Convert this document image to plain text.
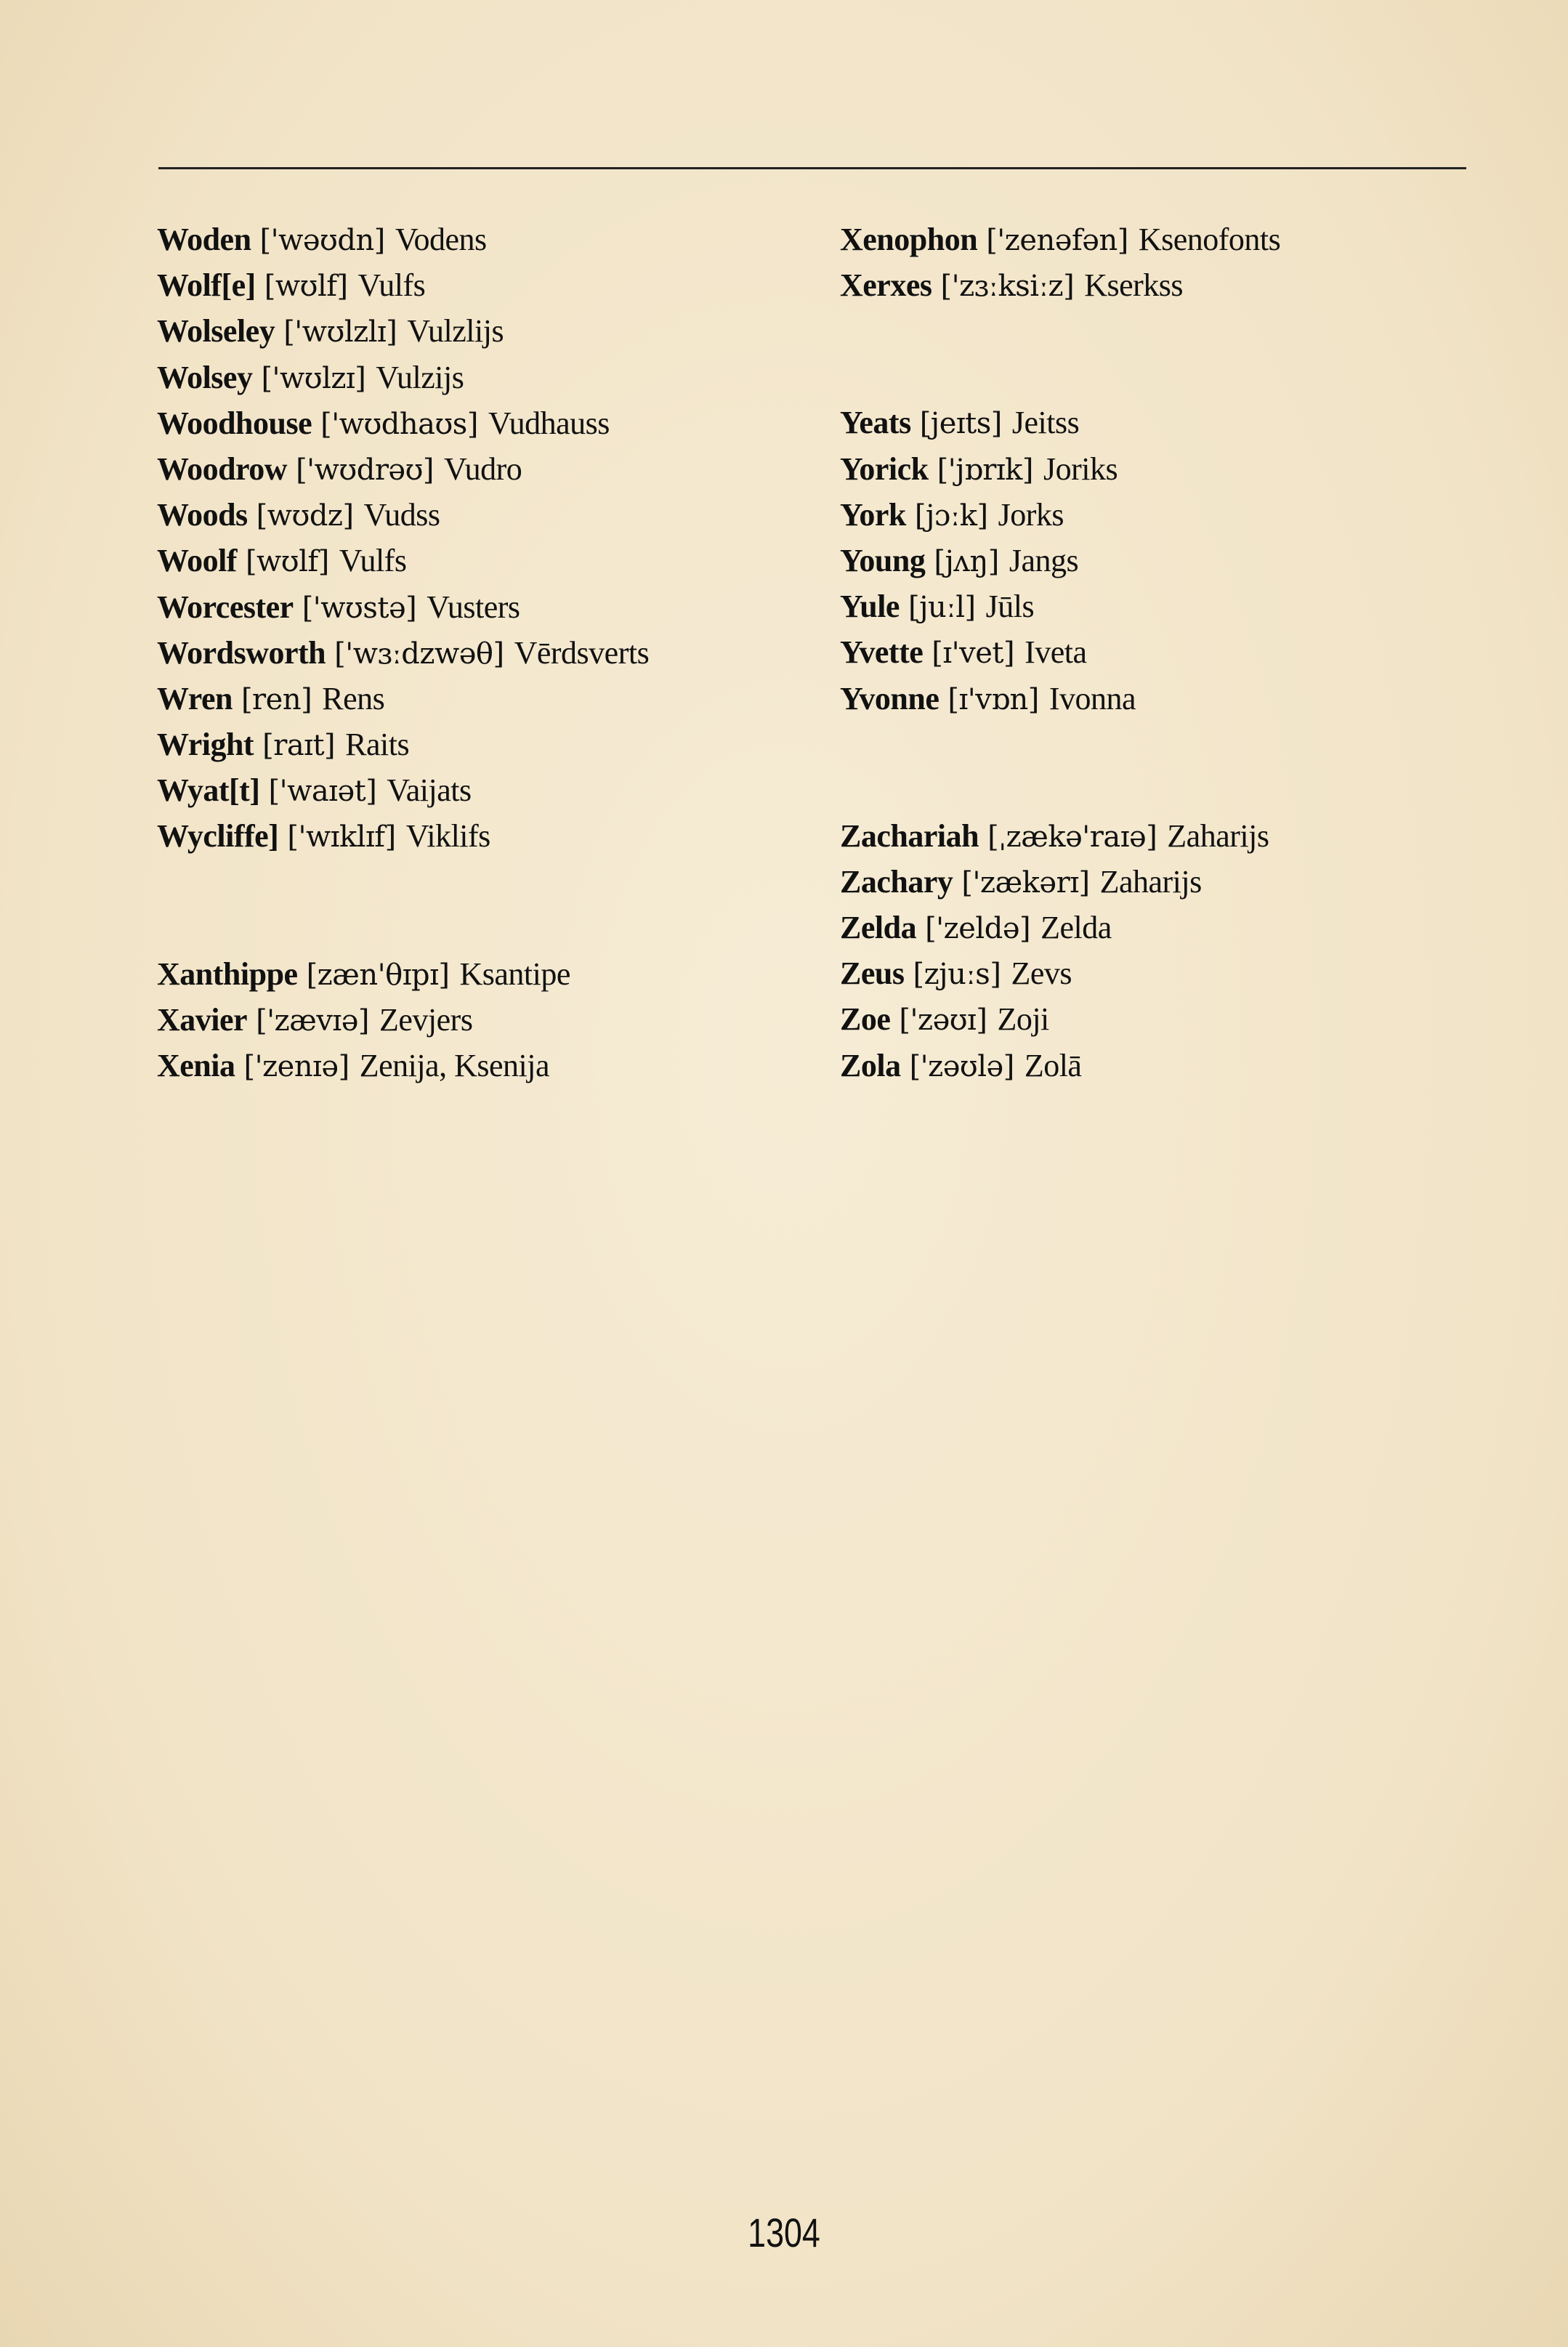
Woden ['wəʊdn] Vodens
Wolf[e] [wʊlf] Vulfs
Wolseley ['wʊlzlɪ] Vulzlijs
Wolsey ['wʊlzɪ] Vulzijs
Woodhouse ['wʊdhaʊs] Vudhauss
Woodrow ['wʊdrəʊ] Vudro
Woods [wʊdz] Vudss
Woolf [wʊlf] Vulfs
Worcester ['wʊstə] Vusters
Wordsworth ['wɜːdzwəθ] Vērdsverts
Wren [ren] Rens
Wright [raɪt] Raits
Wyat[t] ['waɪət] Vaijats
Wycliffe] ['wɪklɪf] Viklifs
Xanthippe [zæn'θɪpɪ] Ksantipe
Xavier ['zævɪə] Zevjers
Xenia ['zenɪə] Zenija, Ksenija
Xenophon ['zenəfən] Ksenofonts
Xerxes ['zɜːksiːz] Kserkss
Yeats [jeɪts] Jeitss
Yorick ['jɒrɪk] Joriks
York [jɔːk] Jorks
Young [jʌŋ] Jangs
Yule [juːl] Jūls
Yvette [ɪ'vet] Iveta
Yvonne [ɪ'vɒn] Ivonna
Zachariah [ˌzækə'raɪə] Zaharijs
Zachary ['zækərɪ] Zaharijs
Zelda ['zeldə] Zelda
Zeus [zjuːs] Zevs
Zoe ['zəʊɪ] Zoji
Zola ['zəʊlə] Zolā
1304
